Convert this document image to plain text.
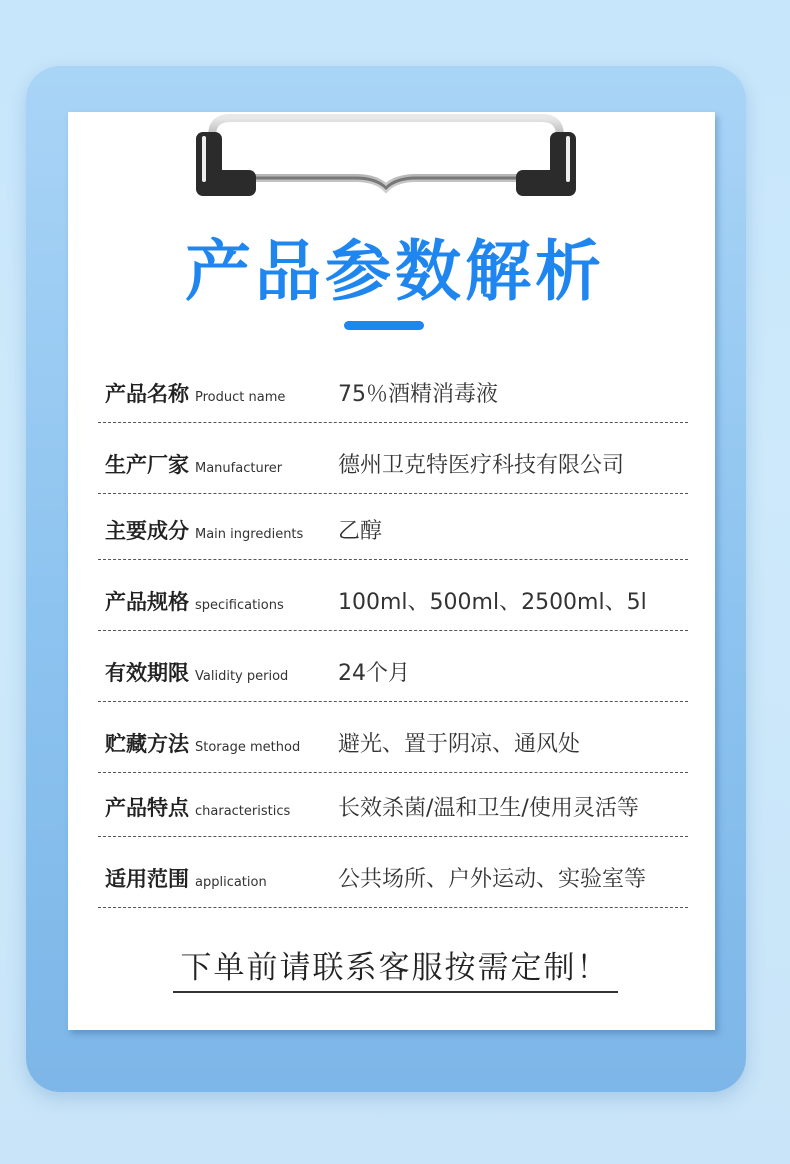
产品参数解析
产品名称 Product name 75％酒精消毒液
生产厂家 Manufacturer	德州卫克特医疗科技有限公司
主要成分 Main ingredients 乙醇
产品规格 specifications 100ml、500ml、2500ml、5l
有效期限 Validity period 24个月
贮藏方法 Storage method 避光、置于阴凉、通风处
产品特点 characteristics 长效杀菌/温和卫生/使用灵活等
适用范围 application	公共场所、户外运动、实验室等
下单前请联系客服按需定制！
